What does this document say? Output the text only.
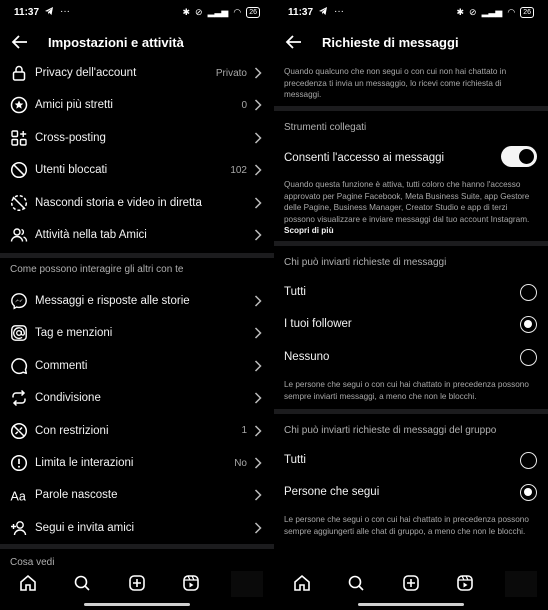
11:37 ···	✱ ⊘ ▂▃▅ ◠	26
Impostazioni e attività
Privacy dell'account	Privato
Amici più stretti	0
Cross-posting
Utenti bloccati	102
Nascondi storia e video in diretta
Attività nella tab Amici
Come possono interagire gli altri con te
Messaggi e risposte alle storie
Tag e menzioni
Commenti
Condivisione
Con restrizioni	1
Limita le interazioni	No
Aa Parole nascoste
Segui e invita amici
Cosa vedi
11:37 ···	✱ ⊘ ▂▃▅ ◠	26
Richieste di messaggi
Quando qualcuno che non segui o con cui non hai chattato in precedenza ti invia un messaggio, lo ricevi come richiesta di messaggi.
Strumenti collegati
Consenti l'accesso ai messaggi
Quando questa funzione è attiva, tutti coloro che hanno l'accesso approvato per Pagine Facebook, Meta Business Suite, app Gestore delle Pagine, Business Manager, Creator Studio e app di terzi possono visualizzare e inviare messaggi dal tuo account Instagram. Scopri di più
Chi può inviarti richieste di messaggi
Tutti
I tuoi follower
Nessuno
Le persone che segui o con cui hai chattato in precedenza possono sempre inviarti messaggi, a meno che non le blocchi.
Chi può inviarti richieste di messaggi del gruppo
Tutti
Persone che segui
Le persone che segui o con cui hai chattato in precedenza possono sempre aggiungerti alle chat di gruppo, a meno che non le blocchi.
